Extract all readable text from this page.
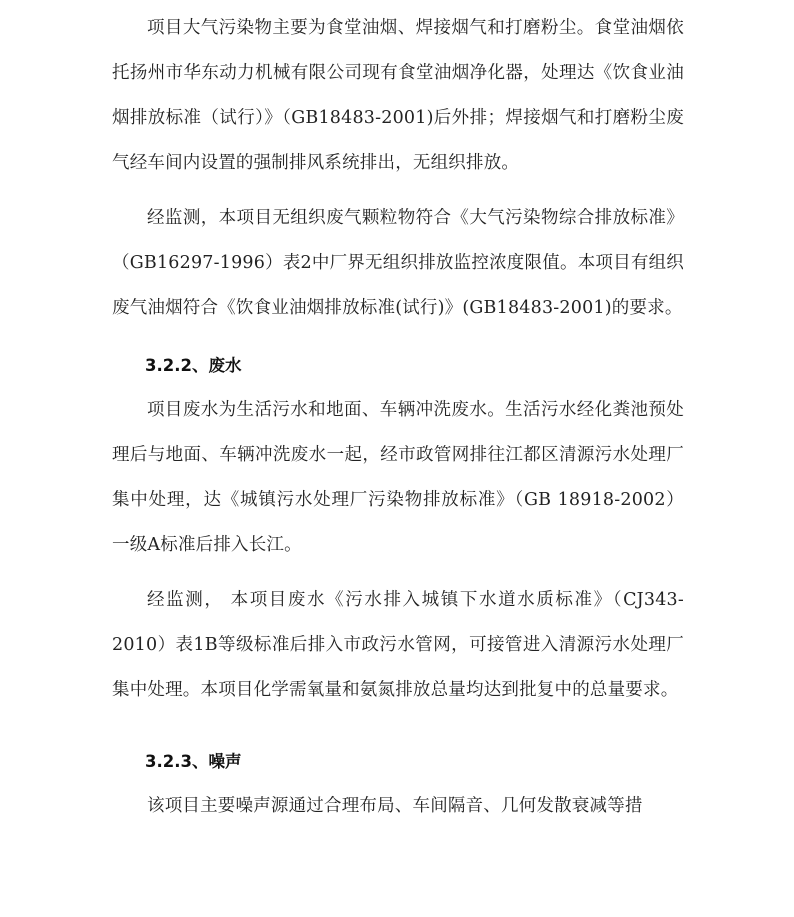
项目大气污染物主要为食堂油烟、焊接烟气和打磨粉尘。食堂油烟依托扬州市华东动力机械有限公司现有食堂油烟净化器，处理达《饮食业油烟排放标准（试行）》（GB18483-2001)后外排；焊接烟气和打磨粉尘废气经车间内设置的强制排风系统排出，无组织排放。

经监测，本项目无组织废气颗粒物符合《大气污染物综合排放标准》（GB16297-1996）表2中厂界无组织排放监控浓度限值。本项目有组织废气油烟符合《饮食业油烟排放标准(试行)》(GB18483-2001)的要求。

3.2.2、废水

项目废水为生活污水和地面、车辆冲洗废水。生活污水经化粪池预处理后与地面、车辆冲洗废水一起，经市政管网排往江都区清源污水处理厂集中处理，达《城镇污水处理厂污染物排放标准》（GB 18918-2002）一级A标准后排入长江。

经监测， 本项目废水《污水排入城镇下水道水质标准》（CJ343-2010）表1B等级标准后排入市政污水管网，可接管进入清源污水处理厂集中处理。本项目化学需氧量和氨氮排放总量均达到批复中的总量要求。

3.2.3、噪声

该项目主要噪声源通过合理布局、车间隔音、几何发散衰减等措
